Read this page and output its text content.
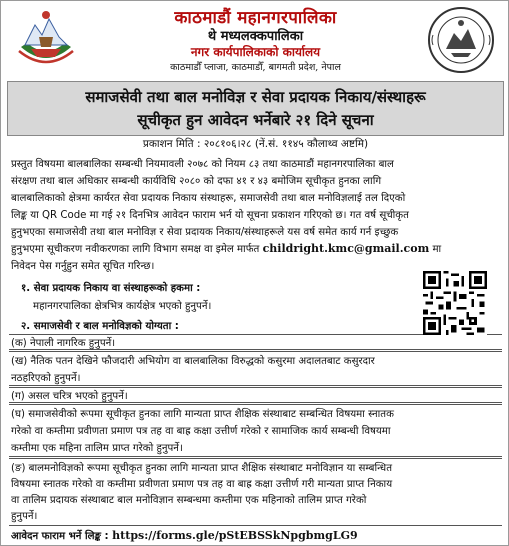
काठमाडौं महानगरपालिका
थे मध्यलक्कपालिका
नगर कार्यपालिकाको कार्यालय
काठमाडौँ प्लाजा, काठमाडौँ, बागमती प्रदेश, नेपाल
समाजसेवी तथा बाल मनोविज्ञ र सेवा प्रदायक निकाय/संस्थाहरू
सूचीकृत हुन आवेदन भर्नेबारे २१ दिने सूचना
प्रकाशन मिति : २०८१०६।२८ (नें.सं. ११४५ कौलाथ्व अष्टमि)
प्रस्तुत विषयमा बालबालिका सम्बन्धी नियमावली २०७८ को नियम ८३ तथा काठमाडौं महानगरपालिका बाल
संरक्षण तथा बाल अधिकार सम्बन्धी कार्यविधि २०८० को दफा ४१ र ४३ बमोजिम सूचीकृत हुनका लागि
बालबालिकाको क्षेत्रमा कार्यरत सेवा प्रदायक निकाय संस्थाहरू, समाजसेवी तथा बाल मनोविज्ञलाई तल दिएको
लिङ्क या QR Code मा गई २१ दिनभित्र आवेदन फाराम भर्न यो सूचना प्रकाशन गरिएको छ। गत वर्ष सूचीकृत
हुनुभएका समाजसेवी तथा बाल मनोविज्ञ र सेवा प्रदायक निकाय/संस्थाहरूले यस वर्ष समेत कार्य गर्न इच्छुक
हुनुभएमा सूचीकरण नवीकरणका लागि विभाग समक्ष वा इमेल मार्फत childright.kmc@gmail.com मा
निवेदन पेस गर्नुहुन समेत सूचित गरिन्छ।
१. सेवा प्रदायक निकाय वा संस्थाहरूको हकमा :
महानगरपालिका क्षेत्रभित्र कार्यक्षेत्र भएको हुनुपर्ने।
२. समाजसेवी र बाल मनोविज्ञको योग्यता :
(क) नेपाली नागरिक हुनुपर्ने।
(ख) नैतिक पतन देखिने फौजदारी अभियोग वा बालबालिका विरुद्धको कसुरमा अदालतबाट कसुरदार
नठहरिएको हुनुपर्ने।
(ग) असल चरित्र भएको हुनुपर्ने।
(घ) समाजसेवीको रूपमा सूचीकृत हुनका लागि मान्यता प्राप्त शैक्षिक संस्थाबाट सम्बन्धित विषयमा स्नातक
गरेको वा कम्तीमा प्रवीणता प्रमाण पत्र तह वा बाह्र कक्षा उत्तीर्ण गरेको र सामाजिक कार्य सम्बन्धी विषयमा
कम्तीमा एक महिना तालिम प्राप्त गरेको हुनुपर्ने।
(ङ) बालमनोविज्ञको रूपमा सूचीकृत हुनका लागि मान्यता प्राप्त शैक्षिक संस्थाबाट मनोविज्ञान या सम्बन्धित
विषयमा स्नातक गरेको वा कम्तीमा प्रवीणता प्रमाण पत्र तह वा बाह्र कक्षा उत्तीर्ण गरी मान्यता प्राप्त निकाय
वा तालिम प्रदायक संस्थाबाट बाल मनोविज्ञान सम्बन्धमा कम्तीमा एक महिनाको तालिम प्राप्त गरेको
हुनुपर्ने।
आवेदन फाराम भर्ने लिङ्क : https://forms.gle/pStEBSSkNpgbmgLG9
